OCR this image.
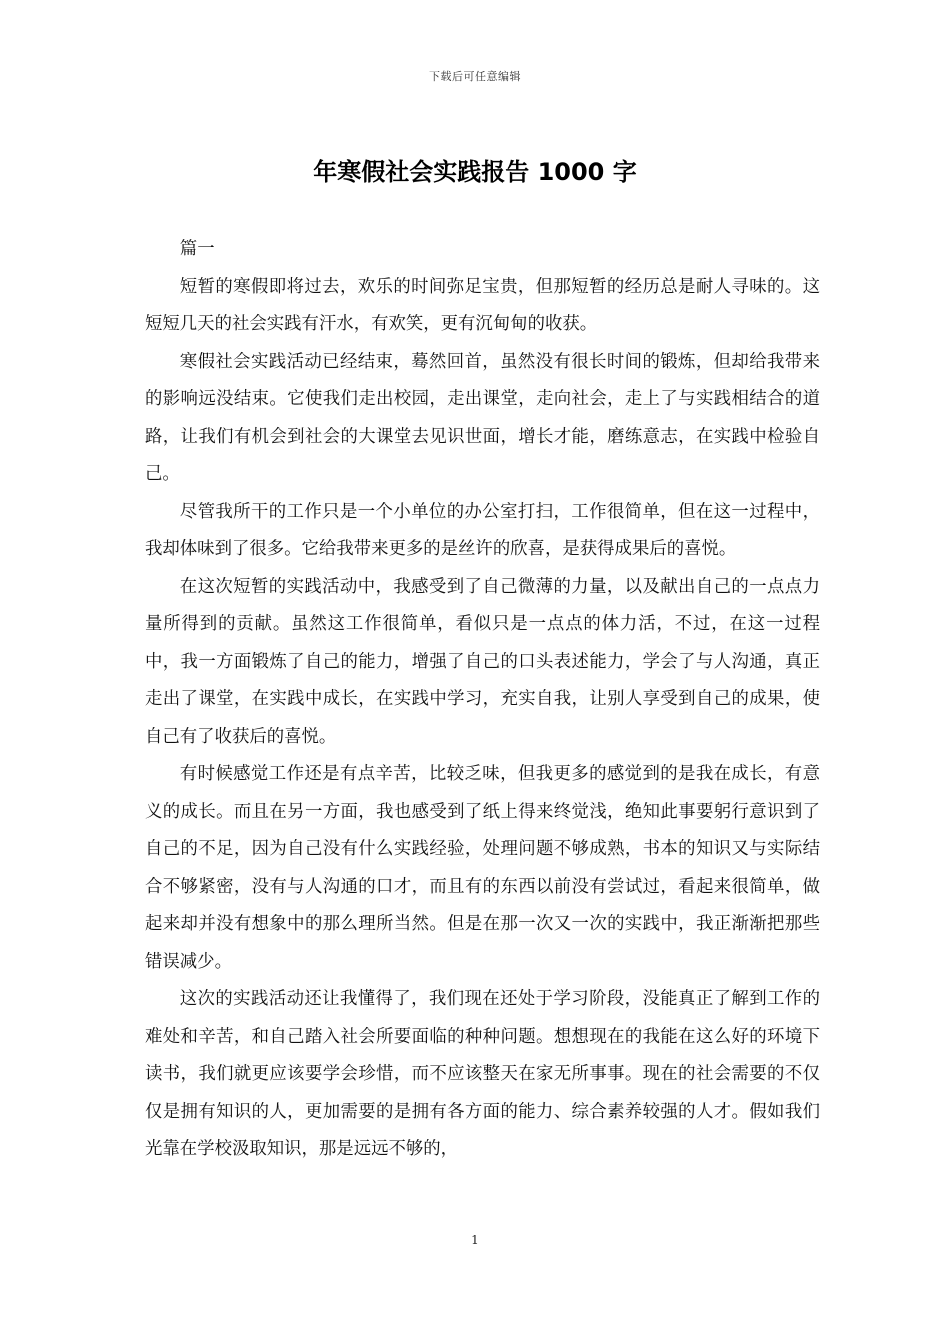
下载后可任意编辑
年寒假社会实践报告 1000 字

篇一

短暂的寒假即将过去，欢乐的时间弥足宝贵，但那短暂的经历总是耐人寻味的。这短短几天的社会实践有汗水，有欢笑，更有沉甸甸的收获。

寒假社会实践活动已经结束，蓦然回首，虽然没有很长时间的锻炼，但却给我带来的影响远没结束。它使我们走出校园，走出课堂，走向社会，走上了与实践相结合的道路，让我们有机会到社会的大课堂去见识世面，增长才能，磨练意志，在实践中检验自己。

尽管我所干的工作只是一个小单位的办公室打扫，工作很简单，但在这一过程中，我却体味到了很多。它给我带来更多的是丝许的欣喜，是获得成果后的喜悦。

在这次短暂的实践活动中，我感受到了自己微薄的力量，以及献出自己的一点点力量所得到的贡献。虽然这工作很简单，看似只是一点点的体力活，不过，在这一过程中，我一方面锻炼了自己的能力，增强了自己的口头表述能力，学会了与人沟通，真正走出了课堂，在实践中成长，在实践中学习，充实自我，让别人享受到自己的成果，使自己有了收获后的喜悦。

有时候感觉工作还是有点辛苦，比较乏味，但我更多的感觉到的是我在成长，有意义的成长。而且在另一方面，我也感受到了纸上得来终觉浅，绝知此事要躬行意识到了自己的不足，因为自己没有什么实践经验，处理问题不够成熟，书本的知识又与实际结合不够紧密，没有与人沟通的口才，而且有的东西以前没有尝试过，看起来很简单，做起来却并没有想象中的那么理所当然。但是在那一次又一次的实践中，我正渐渐把那些错误减少。

这次的实践活动还让我懂得了，我们现在还处于学习阶段，没能真正了解到工作的难处和辛苦，和自己踏入社会所要面临的种种问题。想想现在的我能在这么好的环境下读书，我们就更应该要学会珍惜，而不应该整天在家无所事事。现在的社会需要的不仅仅是拥有知识的人，更加需要的是拥有各方面的能力、综合素养较强的人才。假如我们光靠在学校汲取知识，那是远远不够的，

1
